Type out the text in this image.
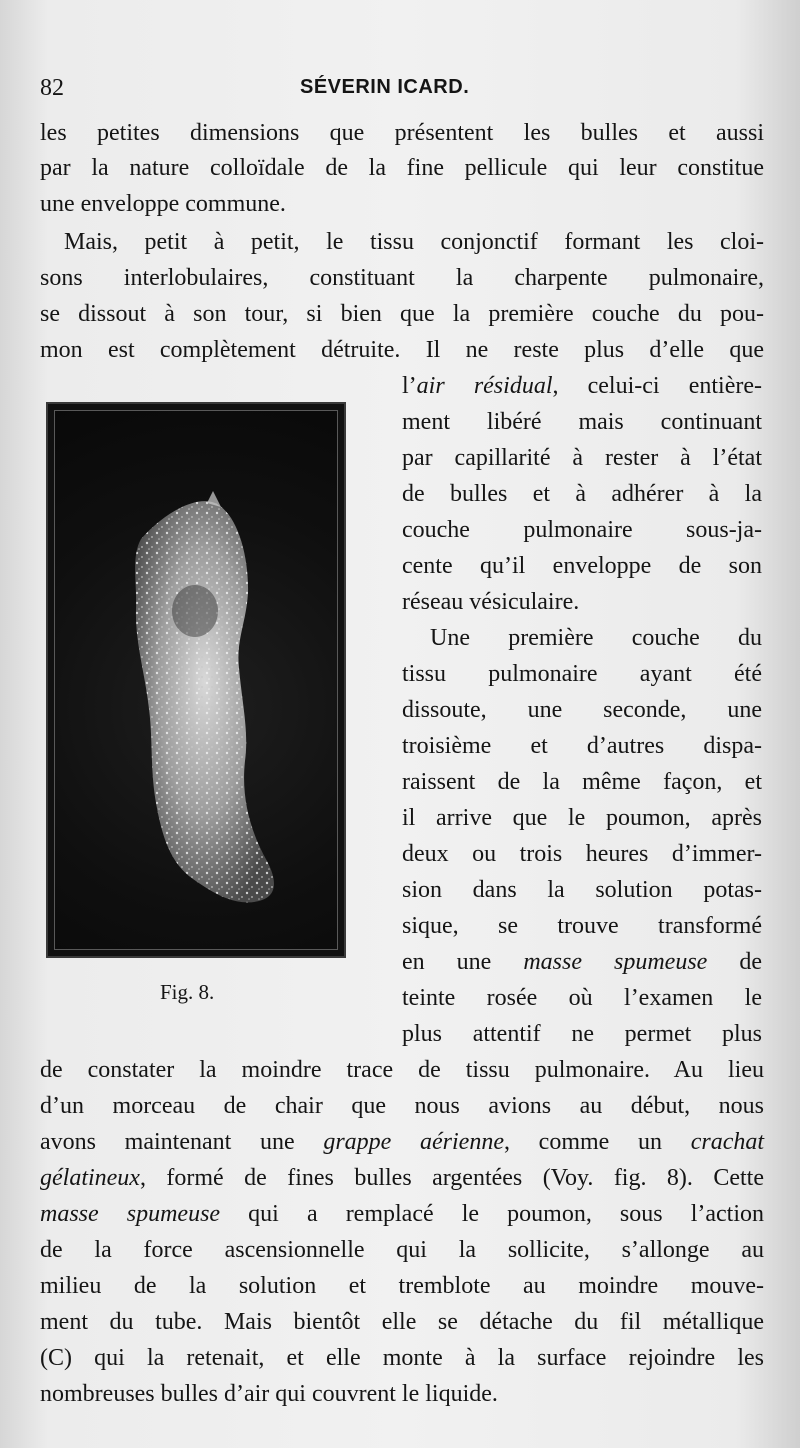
82	SÉVERIN ICARD.
les petites dimensions que présentent les bulles et aussi
par la nature colloïdale de la fine pellicule qui leur constitue
une enveloppe commune.
Mais, petit à petit, le tissu conjonctif formant les cloi-
sons interlobulaires, constituant la charpente pulmonaire,
se dissout à son tour, si bien que la première couche du pou-
mon est complètement détruite. Il ne reste plus d’elle que
l’air résidual, celui-ci entière-
ment libéré mais continuant
par capillarité à rester à l’état
de bulles et à adhérer à la
couche pulmonaire sous-ja-
cente qu’il enveloppe de son
réseau vésiculaire.
Une première couche du
tissu pulmonaire ayant été
dissoute, une seconde, une
troisième et d’autres dispa-
raissent de la même façon, et
il arrive que le poumon, après
deux ou trois heures d’immer-
sion dans la solution potas-
sique, se trouve transformé
en une masse spumeuse de
teinte rosée où l’examen le
plus attentif ne permet plus
de constater la moindre trace de tissu pulmonaire. Au lieu
d’un morceau de chair que nous avions au début, nous
avons maintenant une grappe aérienne, comme un crachat
gélatineux, formé de fines bulles argentées (Voy. fig. 8). Cette
masse spumeuse qui a remplacé le poumon, sous l’action
de la force ascensionnelle qui la sollicite, s’allonge au
milieu de la solution et tremblote au moindre mouve-
ment du tube. Mais bientôt elle se détache du fil métallique
(C) qui la retenait, et elle monte à la surface rejoindre les
nombreuses bulles d’air qui couvrent le liquide.
Fig. 8.
